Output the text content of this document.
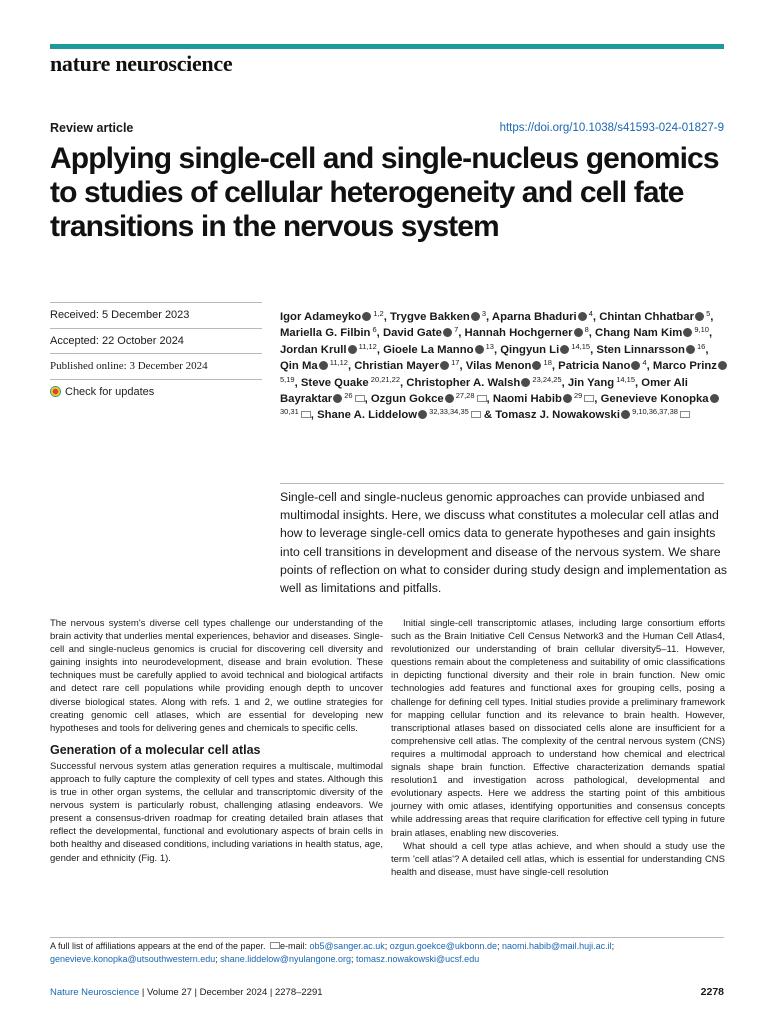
nature neuroscience
Review article	https://doi.org/10.1038/s41593-024-01827-9
Applying single-cell and single-nucleus genomics to studies of cellular heterogeneity and cell fate transitions in the nervous system
Received: 5 December 2023
Accepted: 22 October 2024
Published online: 3 December 2024
Check for updates
Igor Adameyko $^{1,2}$, Trygve Bakken $^3$, Aparna Bhaduri $^4$, Chintan Chhatbar $^5$, Mariella G. Filbin $^6$, David Gate $^7$, Hannah Hochgerner $^8$, Chang Nam Kim $^{9,10}$, Jordan Krull $^{11,12}$, Gioele La Manno $^{13}$, Qingyun Li $^{14,15}$, Sten Linnarsson $^{16}$, Qin Ma $^{11,12}$, Christian Mayer $^{17}$, Vilas Menon $^{18}$, Patricia Nano $^4$, Marco Prinz $^{5,19}$, Steve Quake $^{20,21,22}$, Christopher A. Walsh $^{23,24,25}$, Jin Yang $^{14,15}$, Omer Ali Bayraktar $^{26}$ , Ozgun Gokce $^{27,28}$ , Naomi Habib $^{29}$ , Genevieve Konopka $^{30,31}$ , Shane A. Liddelow $^{32,33,34,35}$ & Tomasz J. Nowakowski $^{9,10,36,37,38}$

Single-cell and single-nucleus genomic approaches can provide unbiased and multimodal insights. Here, we discuss what constitutes a molecular cell atlas and how to leverage single-cell omics data to generate hypotheses and gain insights into cell transitions in development and disease of the nervous system. We share points of reflection on what to consider during study design and implementation as well as limitations and pitfalls.

The nervous system's diverse cell types challenge our understanding of the brain activity that underlies mental experiences, behavior and diseases. Single-cell and single-nucleus genomics is crucial for discovering cell diversity and gaining insights into neurodevelopment, disease and brain evolution. These techniques must be carefully applied to avoid technical and biological artifacts and detect rare cell populations while providing enough depth to uncover diverse biological states. Along with refs. 1 and 2, we outline strategies for creating genomic cell atlases, which are essential for developing new hypotheses and tools for delivering genes and chemicals to specific cells.

Generation of a molecular cell atlas

Successful nervous system atlas generation requires a multiscale, multimodal approach to fully capture the complexity of cell types and states. Although this is true in other organ systems, the cellular and transcriptomic diversity of the nervous system is particularly robust, challenging atlasing endeavors. We present a consensus-driven roadmap for creating detailed brain atlases that reflect the developmental, functional and evolutionary aspects of brain cells in both healthy and diseased conditions, including variations in health status, age, gender and ethnicity (Fig. 1).

Initial single-cell transcriptomic atlases, including large consortium efforts such as the Brain Initiative Cell Census Network3 and the Human Cell Atlas4, revolutionized our understanding of brain cellular diversity5–11. However, questions remain about the completeness and suitability of omic classifications in depicting functional diversity and their role in brain function. New omic technologies add features and functional axes for grouping cells, posing a challenge for defining cell types. Initial studies provide a preliminary framework for mapping cellular function and its relevance to brain health. However, transcriptional atlases based on dissociated cells alone are insufficient for a comprehensive cell atlas. The complexity of the central nervous system (CNS) requires a multimodal approach to understand how chemical and electrical signals shape brain function. Effective characterization demands spatial resolution1 and investigation across pathological, developmental and evolutionary aspects. Here we address the starting point of this ambitious journey with omic atlases, identifying opportunities and consensus concepts while addressing areas that require clarification for effective cell typing in future brain atlases, enabling new discoveries.

What should a cell type atlas achieve, and when should a study use the term 'cell atlas'? A detailed cell atlas, which is essential for understanding CNS health and disease, must have single-cell resolution

A full list of affiliations appears at the end of the paper. e-mail: ob5@sanger.ac.uk; ozgun.goekce@ukbonn.de; naomi.habib@mail.huji.ac.il; genevieve.konopka@utsouthwestern.edu; shane.liddelow@nyulangone.org; tomasz.nowakowski@ucsf.edu
Nature Neuroscience | Volume 27 | December 2024 | 2278–2291	2278
